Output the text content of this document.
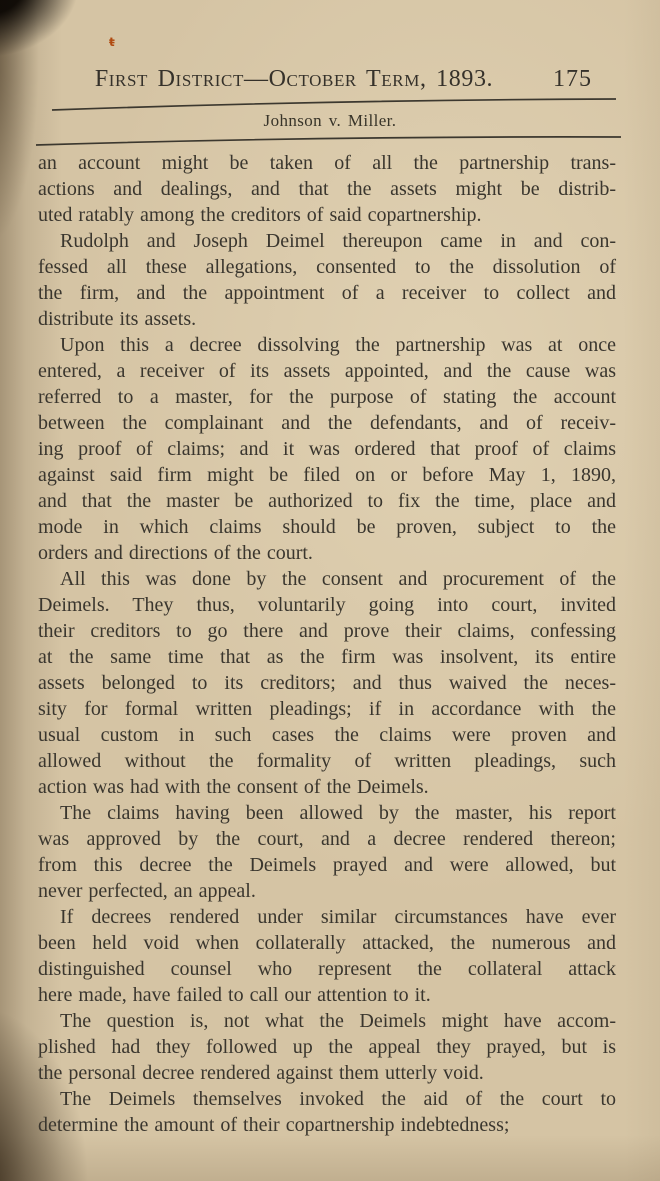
ŧ
First District—October Term, 1893.	175
Johnson v. Miller.
an account might be taken of all the partnership trans-
actions and dealings, and that the assets might be distrib-
uted ratably among the creditors of said copartnership.
Rudolph and Joseph Deimel thereupon came in and con-
fessed all these allegations, consented to the dissolution of
the firm, and the appointment of a receiver to collect and
distribute its assets.
Upon this a decree dissolving the partnership was at once
entered, a receiver of its assets appointed, and the cause was
referred to a master, for the purpose of stating the account
between the complainant and the defendants, and of receiv-
ing proof of claims; and it was ordered that proof of claims
against said firm might be filed on or before May 1, 1890,
and that the master be authorized to fix the time, place and
mode in which claims should be proven, subject to the
orders and directions of the court.
All this was done by the consent and procurement of the
Deimels. They thus, voluntarily going into court, invited
their creditors to go there and prove their claims, confessing
at the same time that as the firm was insolvent, its entire
assets belonged to its creditors; and thus waived the neces-
sity for formal written pleadings; if in accordance with the
usual custom in such cases the claims were proven and
allowed without the formality of written pleadings, such
action was had with the consent of the Deimels.
The claims having been allowed by the master, his report
was approved by the court, and a decree rendered thereon;
from this decree the Deimels prayed and were allowed, but
never perfected, an appeal.
If decrees rendered under similar circumstances have ever
been held void when collaterally attacked, the numerous and
distinguished counsel who represent the collateral attack
here made, have failed to call our attention to it.
The question is, not what the Deimels might have accom-
plished had they followed up the appeal they prayed, but is
the personal decree rendered against them utterly void.
The Deimels themselves invoked the aid of the court to
determine the amount of their copartnership indebtedness;
